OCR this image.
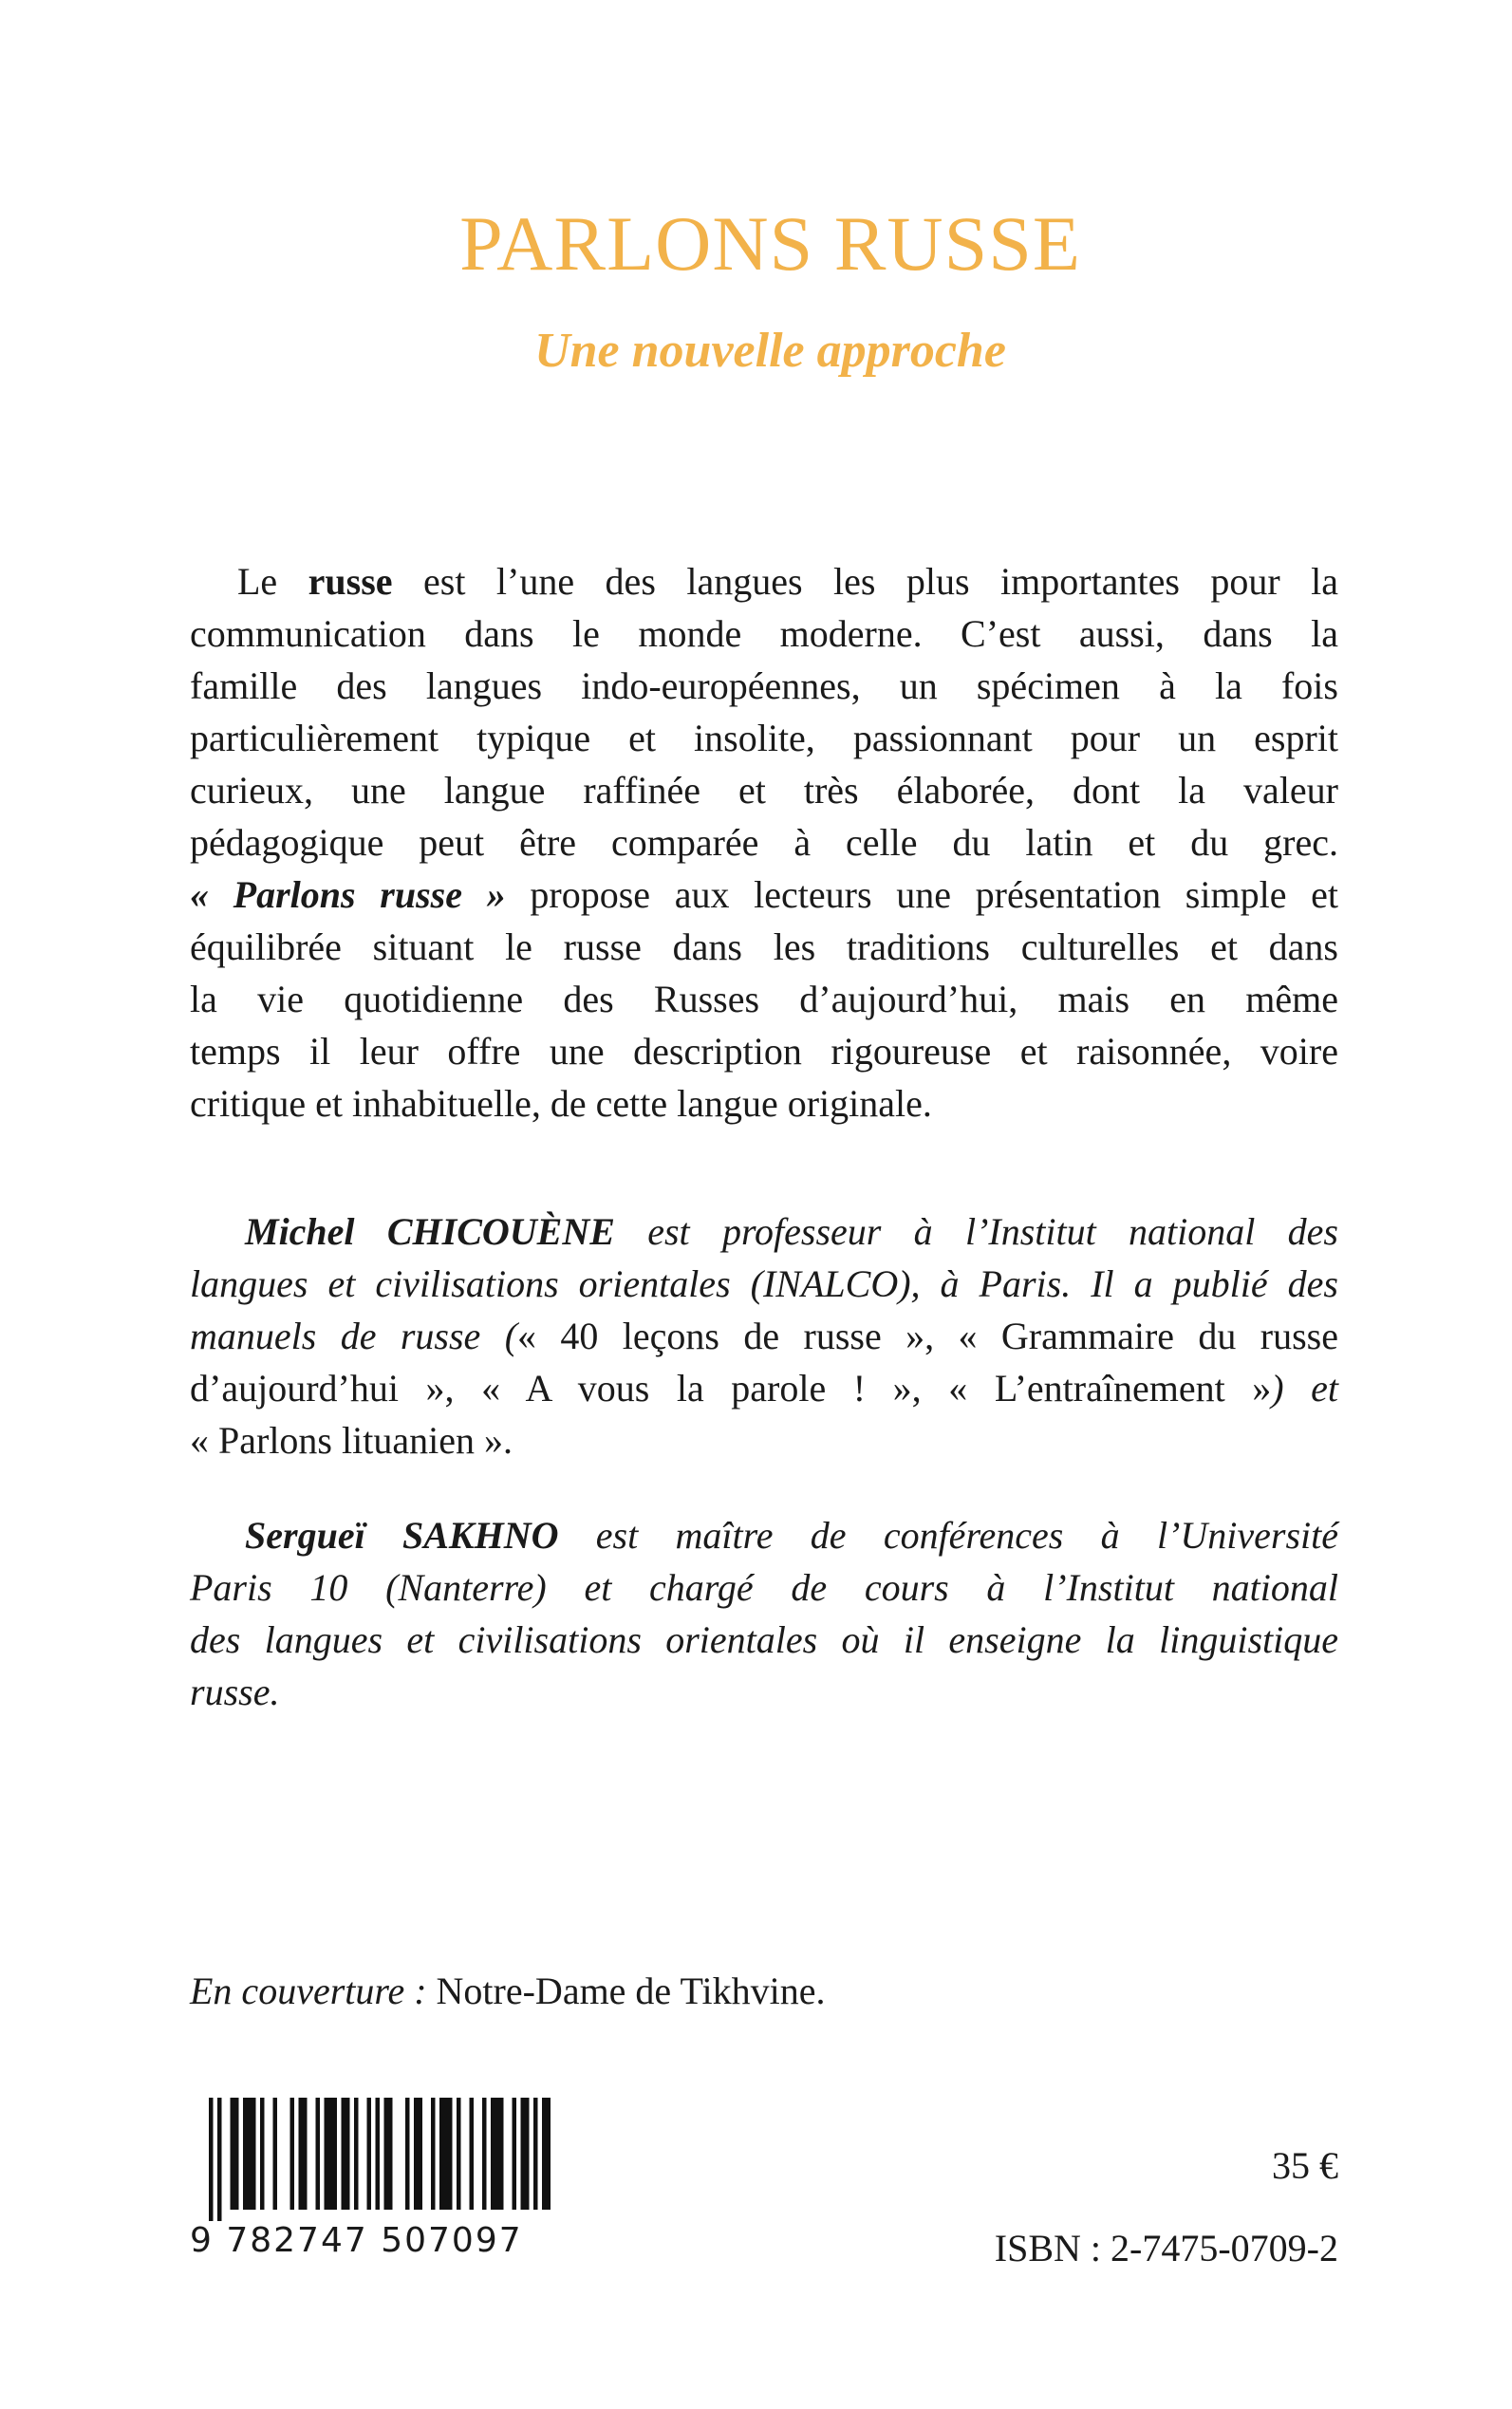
PARLONS RUSSE
Une nouvelle approche
Le russe est l’une des langues les plus importantes pour la
communication dans le monde moderne. C’est aussi, dans la
famille des langues indo-européennes, un spécimen à la fois
particulièrement typique et insolite, passionnant pour un esprit
curieux, une langue raffinée et très élaborée, dont la valeur
pédagogique peut être comparée à celle du latin et du grec.
« Parlons russe » propose aux lecteurs une présentation simple et
équilibrée situant le russe dans les traditions culturelles et dans
la vie quotidienne des Russes d’aujourd’hui, mais en même
temps il leur offre une description rigoureuse et raisonnée, voire
critique et inhabituelle, de cette langue originale.
Michel CHICOUÈNE est professeur à l’Institut national des
langues et civilisations orientales (INALCO), à Paris. Il a publié des
manuels de russe (« 40 leçons de russe », « Grammaire du russe
d’aujourd’hui », « A vous la parole ! », « L’entraînement ») et
« Parlons lituanien ».
Sergueï SAKHNO est maître de conférences à l’Université
Paris 10 (Nanterre) et chargé de cours à l’Institut national
des langues et civilisations orientales où il enseigne la linguistique
russe.

En couverture : Notre-Dame de Tikhvine.

9 782747 507097

35 €

ISBN : 2-7475-0709-2
